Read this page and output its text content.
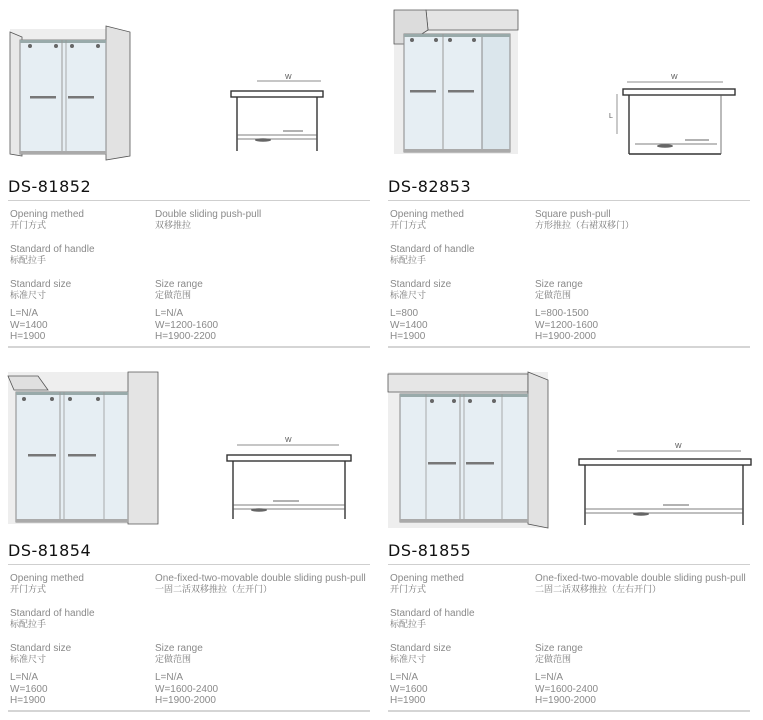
W
DS-81852
Opening methed
开门方式
Double sliding push-pull
双移推拉
Standard of handle
标配拉手
Standard size
标准尺寸
Size range
定做范围
L=N/A
W=1400
H=1900
L=N/A
W=1200-1600
H=1900-2200
W
L
DS-82853
Opening methed
开门方式
Square push-pull
方形推拉（右裙双移门）
Standard of handle
标配拉手
Standard size
标准尺寸
Size range
定做范围
L=800
W=1400
H=1900
L=800-1500
W=1200-1600
H=1900-2000
W
DS-81854
Opening methed
开门方式
One-fixed-two-movable double sliding push-pull
一固二活双移推拉（左开门）
Standard of handle
标配拉手
Standard size
标准尺寸
Size range
定做范围
L=N/A
W=1600
H=1900
L=N/A
W=1600-2400
H=1900-2000
W
DS-81855
Opening methed
开门方式
One-fixed-two-movable double sliding push-pull
二固二活双移推拉（左右开门）
Standard of handle
标配拉手
Standard size
标准尺寸
Size range
定做范围
L=N/A
W=1600
H=1900
L=N/A
W=1600-2400
H=1900-2000
